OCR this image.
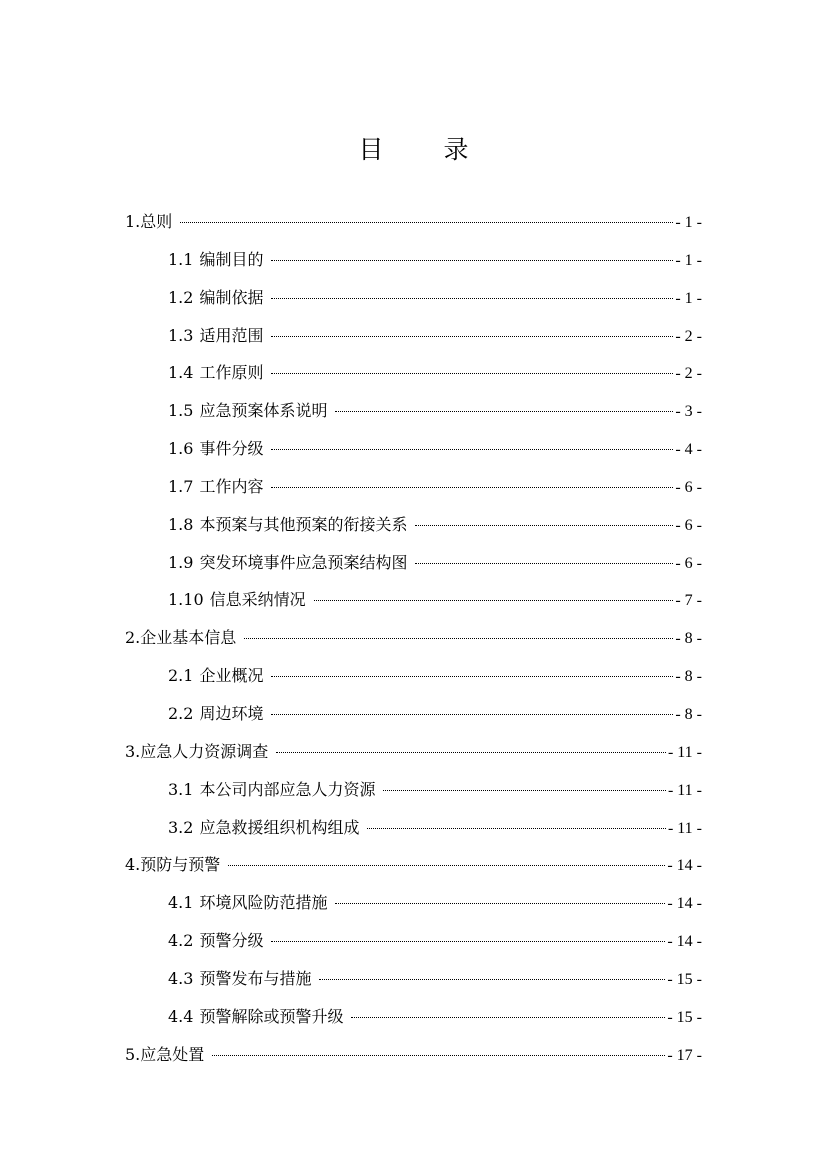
目 录
1.总则	- 1 -
1.1 编制目的	- 1 -
1.2 编制依据	- 1 -
1.3 适用范围	- 2 -
1.4 工作原则	- 2 -
1.5 应急预案体系说明	- 3 -
1.6 事件分级	- 4 -
1.7 工作内容	- 6 -
1.8 本预案与其他预案的衔接关系	- 6 -
1.9 突发环境事件应急预案结构图	- 6 -
1.10 信息采纳情况	- 7 -
2.企业基本信息	- 8 -
2.1 企业概况	- 8 -
2.2 周边环境	- 8 -
3.应急人力资源调查	- 11 -
3.1 本公司内部应急人力资源	- 11 -
3.2 应急救援组织机构组成	- 11 -
4.预防与预警	- 14 -
4.1 环境风险防范措施	- 14 -
4.2 预警分级	- 14 -
4.3 预警发布与措施	- 15 -
4.4 预警解除或预警升级	- 15 -
5.应急处置	- 17 -
